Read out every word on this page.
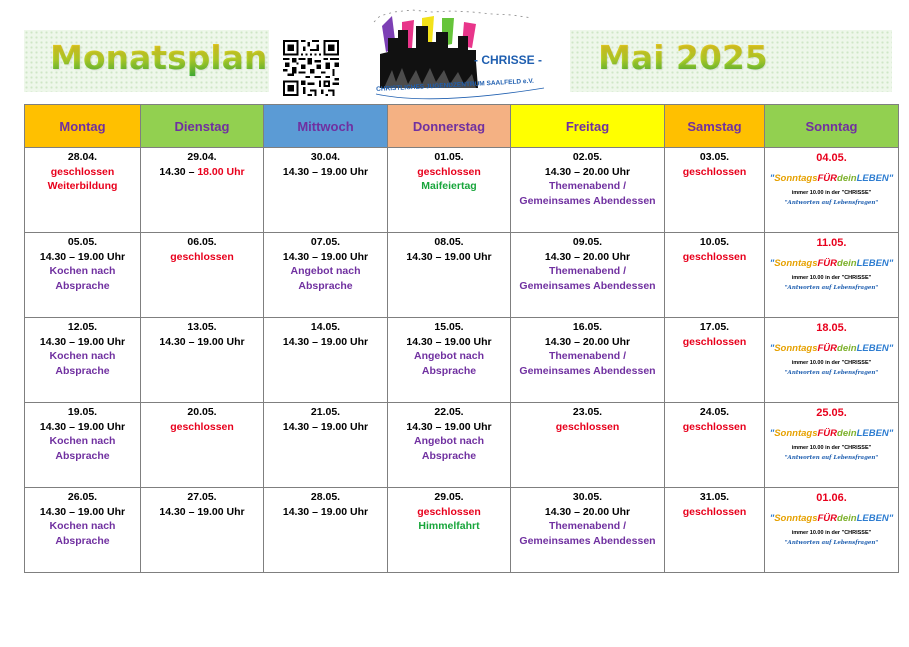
Monatsplan	Mai 2025
- CHRISSE -
CHRISTLICHES JUGENDZENTRUM SAALFELD e.V.
Montag	Dienstag	Mittwoch	Donnerstag	Freitag	Samstag	Sonntag

28.04.
geschlossen
Weiterbildung	29.04.
14.30 – 18.00 Uhr	30.04.
14.30 – 19.00 Uhr	01.05.
geschlossen
Maifeiertag	02.05.
14.30 – 20.00 Uhr
Themenabend /
Gemeinsames Abendessen	03.05.
geschlossen	04.05.
"SonntagsFÜRdeinLEBEN"
immer 10.00 in der "CHRISSE"
"Antworten auf Lebensfragen"

05.05.
14.30 – 19.00 Uhr
Kochen nach
Absprache	06.05.
geschlossen	07.05.
14.30 – 19.00 Uhr
Angebot nach
Absprache	08.05.
14.30 – 19.00 Uhr	09.05.
14.30 – 20.00 Uhr
Themenabend /
Gemeinsames Abendessen	10.05.
geschlossen	11.05.
"SonntagsFÜRdeinLEBEN"
immer 10.00 in der "CHRISSE"
"Antworten auf Lebensfragen"

12.05.
14.30 – 19.00 Uhr
Kochen nach
Absprache	13.05.
14.30 – 19.00 Uhr	14.05.
14.30 – 19.00 Uhr	15.05.
14.30 – 19.00 Uhr
Angebot nach
Absprache	16.05.
14.30 – 20.00 Uhr
Themenabend /
Gemeinsames Abendessen	17.05.
geschlossen	18.05.
"SonntagsFÜRdeinLEBEN"
immer 10.00 in der "CHRISSE"
"Antworten auf Lebensfragen"

19.05.
14.30 – 19.00 Uhr
Kochen nach
Absprache	20.05.
geschlossen	21.05.
14.30 – 19.00 Uhr	22.05.
14.30 – 19.00 Uhr
Angebot nach
Absprache	23.05.
geschlossen	24.05.
geschlossen	25.05.
"SonntagsFÜRdeinLEBEN"
immer 10.00 in der "CHRISSE"
"Antworten auf Lebensfragen"

26.05.
14.30 – 19.00 Uhr
Kochen nach
Absprache	27.05.
14.30 – 19.00 Uhr	28.05.
14.30 – 19.00 Uhr	29.05.
geschlossen
Himmelfahrt	30.05.
14.30 – 20.00 Uhr
Themenabend /
Gemeinsames Abendessen	31.05.
geschlossen	01.06.
"SonntagsFÜRdeinLEBEN"
immer 10.00 in der "CHRISSE"
"Antworten auf Lebensfragen"
